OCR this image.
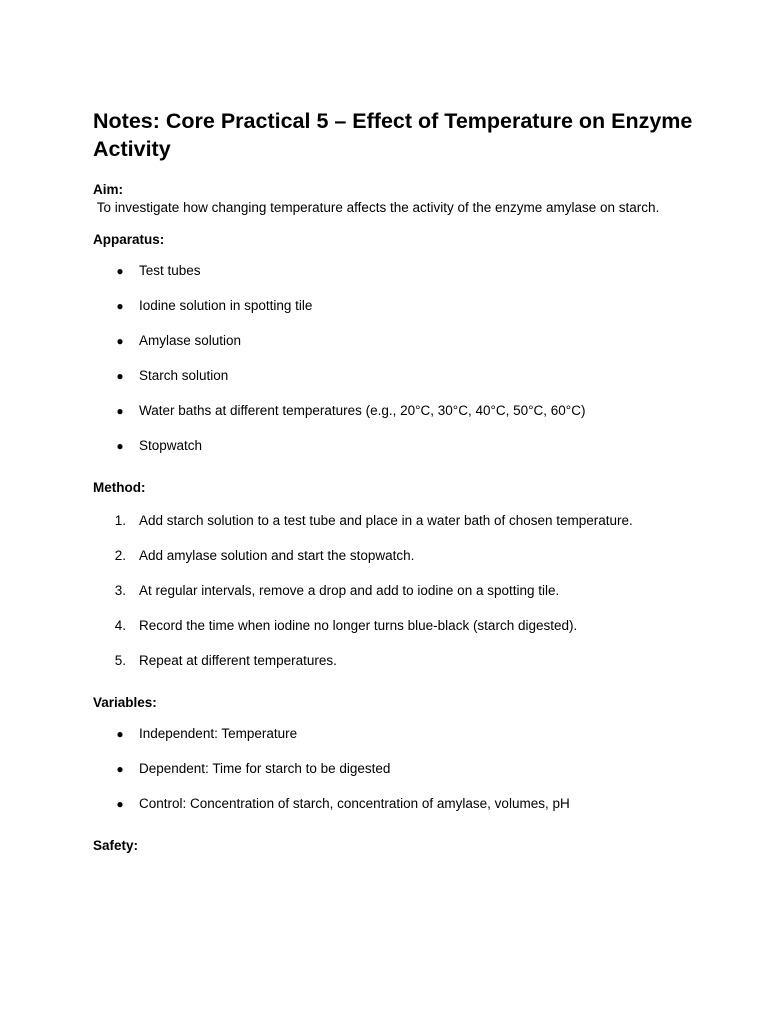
Notes: Core Practical 5 – Effect of Temperature on Enzyme Activity

Aim:

To investigate how changing temperature affects the activity of the enzyme amylase on starch.

Apparatus:

● Test tubes
● Iodine solution in spotting tile
● Amylase solution
● Starch solution
● Water baths at different temperatures (e.g., 20°C, 30°C, 40°C, 50°C, 60°C)
● Stopwatch

Method:

1. Add starch solution to a test tube and place in a water bath of chosen temperature.
2. Add amylase solution and start the stopwatch.
3. At regular intervals, remove a drop and add to iodine on a spotting tile.
4. Record the time when iodine no longer turns blue-black (starch digested).
5. Repeat at different temperatures.

Variables:

● Independent: Temperature
● Dependent: Time for starch to be digested
● Control: Concentration of starch, concentration of amylase, volumes, pH

Safety:
